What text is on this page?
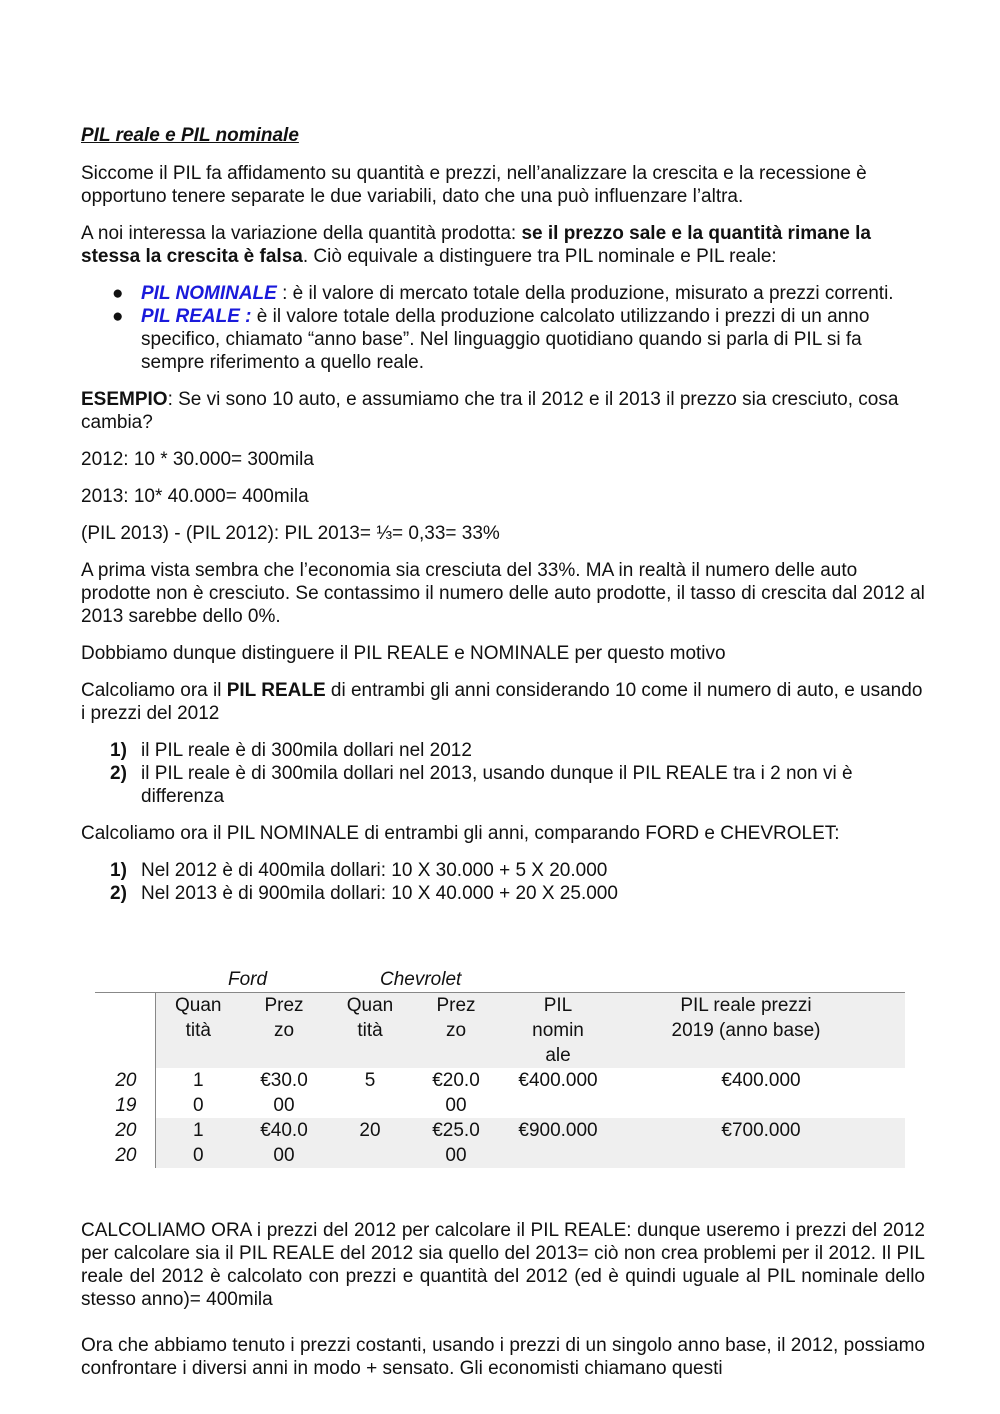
PIL reale e PIL nominale

Siccome il PIL fa affidamento su quantità e prezzi, nell’analizzare la crescita e la recessione è opportuno tenere separate le due variabili, dato che una può influenzare l’altra.

A noi interessa la variazione della quantità prodotta: se il prezzo sale e la quantità rimane la stessa la crescita è falsa. Ciò equivale a distinguere tra PIL nominale e PIL reale:

● PIL NOMINALE : è il valore di mercato totale della produzione, misurato a prezzi correnti.
● PIL REALE : è il valore totale della produzione calcolato utilizzando i prezzi di un anno specifico, chiamato “anno base”. Nel linguaggio quotidiano quando si parla di PIL si fa sempre riferimento a quello reale.

ESEMPIO: Se vi sono 10 auto, e assumiamo che tra il 2012 e il 2013 il prezzo sia cresciuto, cosa cambia?

2012: 10 * 30.000= 300mila

2013: 10* 40.000= 400mila

(PIL 2013) - (PIL 2012): PIL 2013= ⅓= 0,33= 33%

A prima vista sembra che l’economia sia cresciuta del 33%. MA in realtà il numero delle auto prodotte non è cresciuto. Se contassimo il numero delle auto prodotte, il tasso di crescita dal 2012 al 2013 sarebbe dello 0%.

Dobbiamo dunque distinguere il PIL REALE e NOMINALE per questo motivo

Calcoliamo ora il PIL REALE di entrambi gli anni considerando 10 come il numero di auto, e usando i prezzi del 2012

1) il PIL reale è di 300mila dollari nel 2012
2) il PIL reale è di 300mila dollari nel 2013, usando dunque il PIL REALE tra i 2 non vi è differenza

Calcoliamo ora il PIL NOMINALE di entrambi gli anni, comparando FORD e CHEVROLET:

1) Nel 2012 è di 400mila dollari: 10 X 30.000 + 5 X 20.000
2) Nel 2013 è di 900mila dollari: 10 X 40.000 + 20 X 25.000
Ford	Chevrolet
	Quan tità	Prez zo	Quan tità	Prez zo	PIL nomin ale	PIL reale prezzi 2019 (anno base)
20 19	1 0	€30.0 00	5	€20.0 00	€400.000	€400.000
20 20	1 0	€40.0 00	20	€25.0 00	€900.000	€700.000

CALCOLIAMO ORA i prezzi del 2012 per calcolare il PIL REALE: dunque useremo i prezzi del 2012 per calcolare sia il PIL REALE del 2012 sia quello del 2013= ciò non crea problemi per il 2012. Il PIL reale del 2012 è calcolato con prezzi e quantità del 2012 (ed è quindi uguale al PIL nominale dello stesso anno)= 400mila

Ora che abbiamo tenuto i prezzi costanti, usando i prezzi di un singolo anno base, il 2012, possiamo confrontare i diversi anni in modo + sensato. Gli economisti chiamano questi
